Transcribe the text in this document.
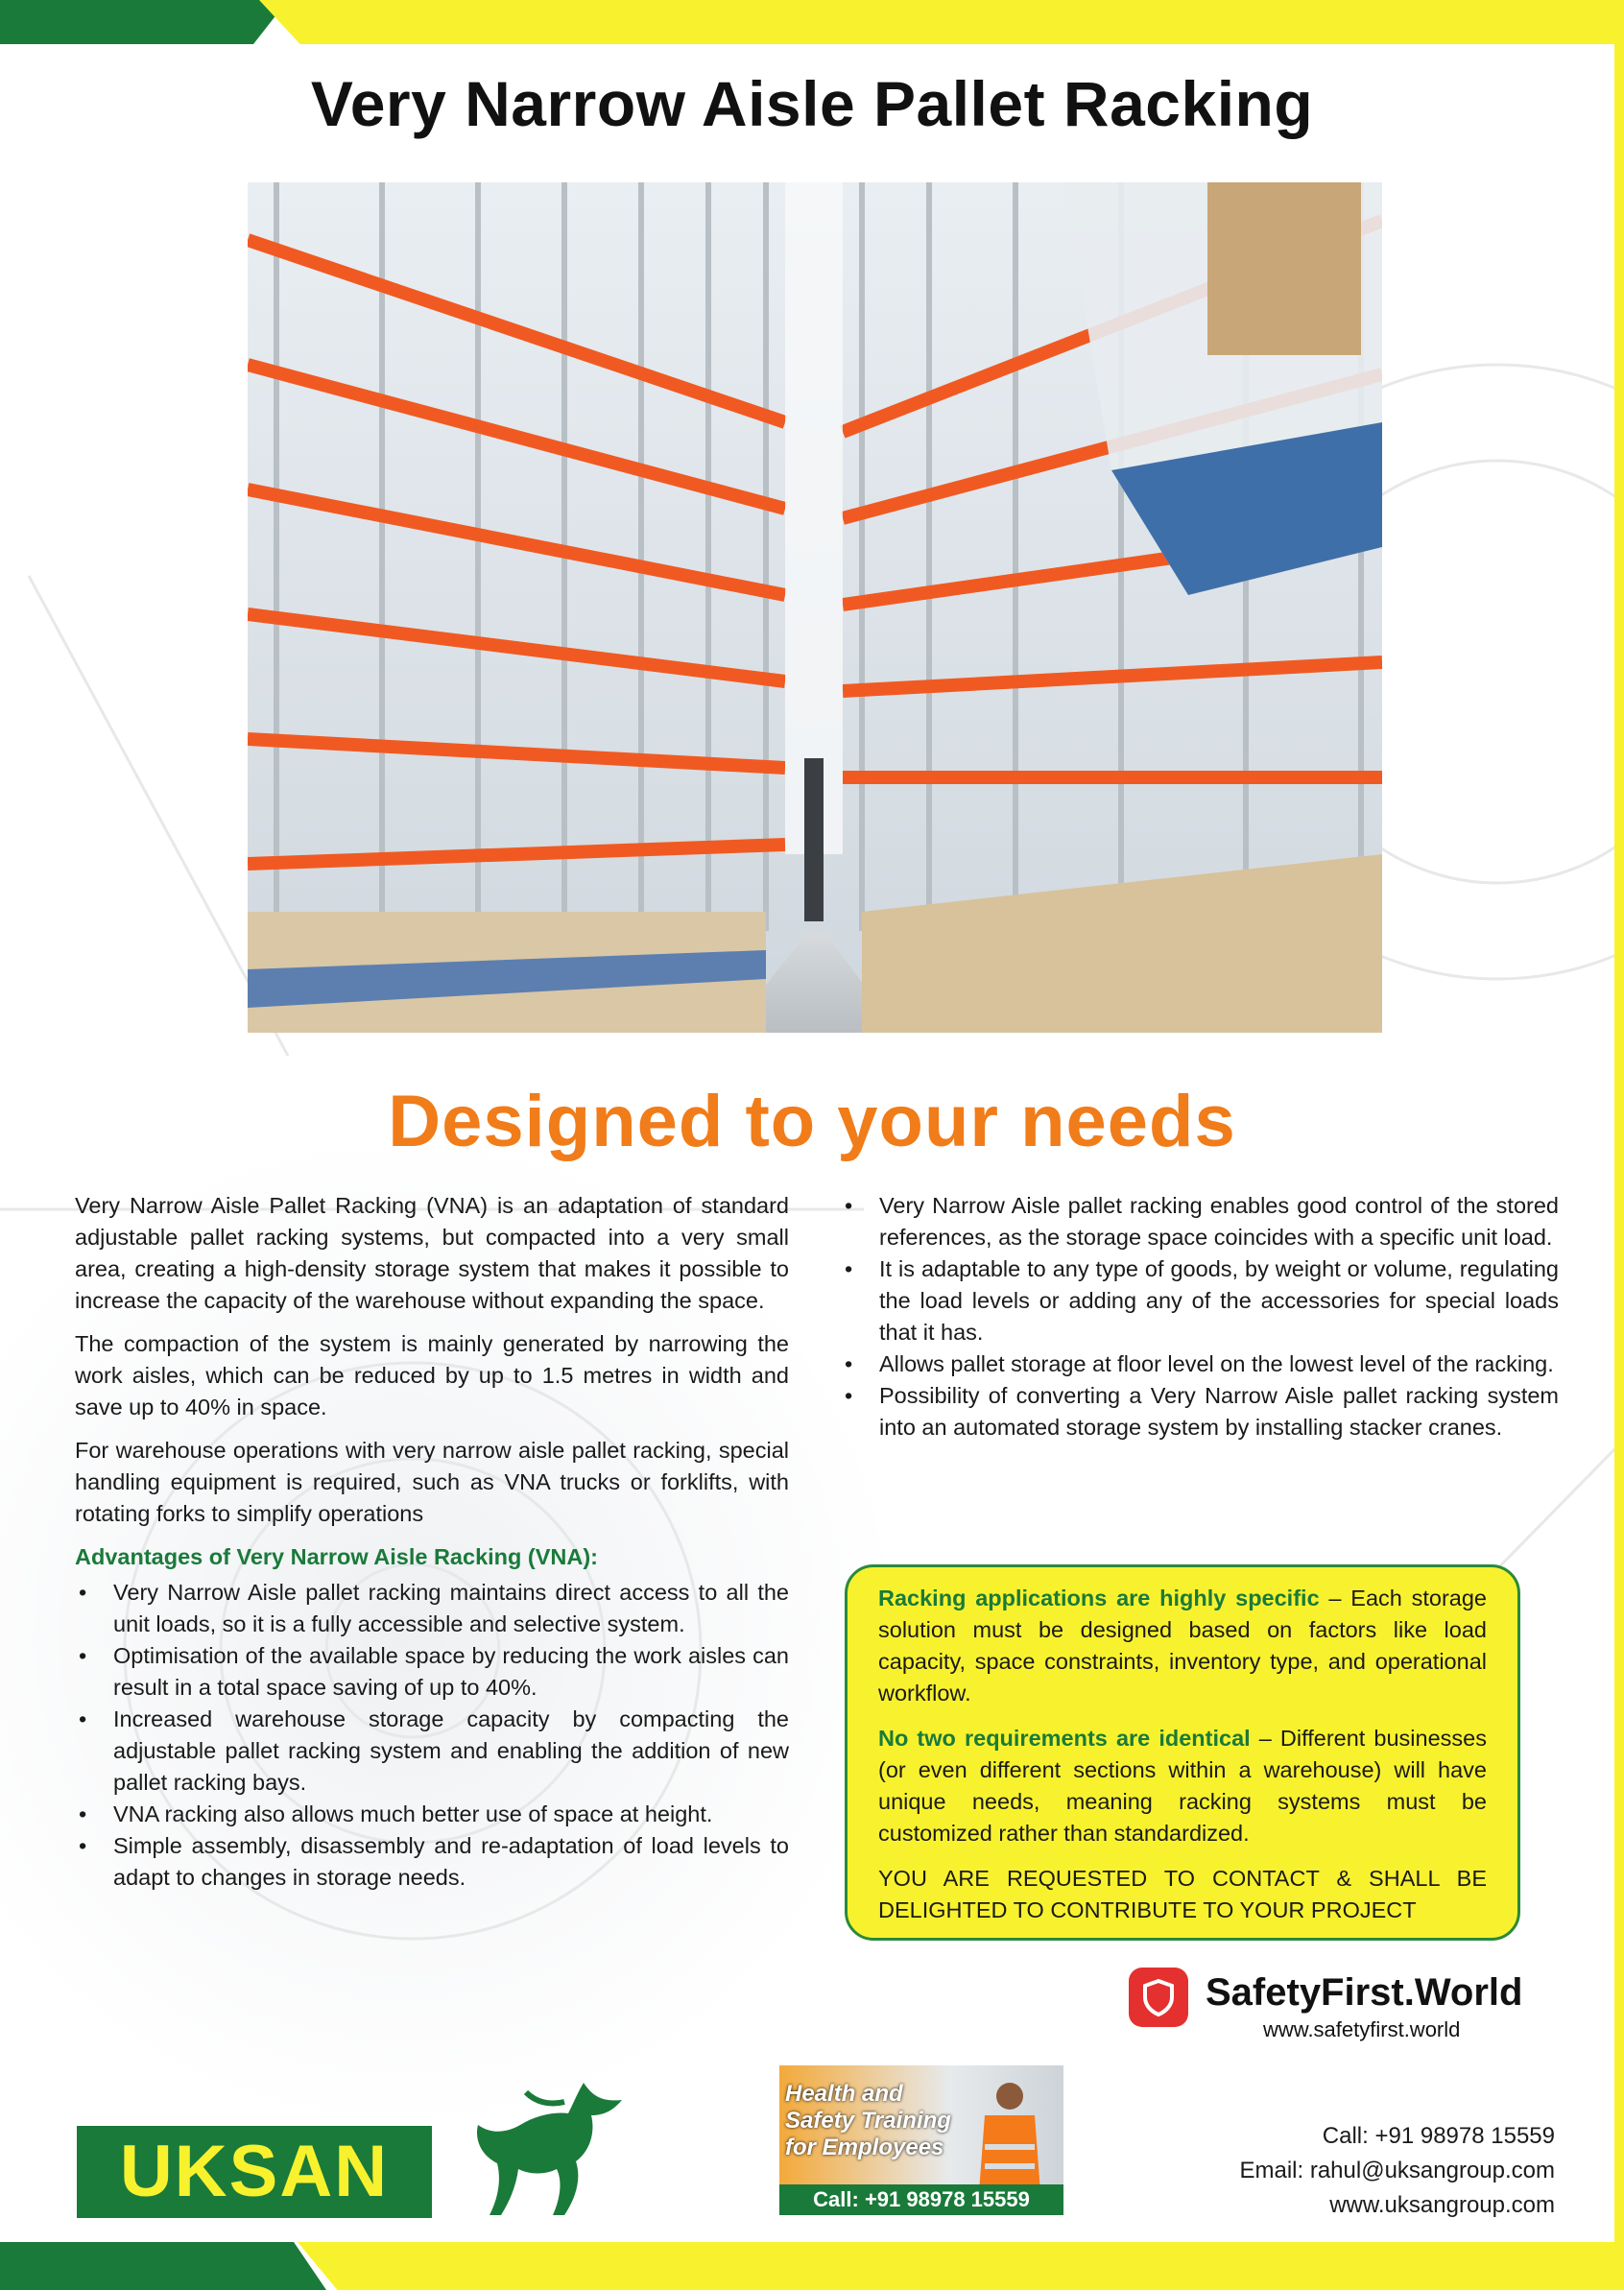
Very Narrow Aisle Pallet Racking
Designed to your needs

Very Narrow Aisle Pallet Racking (VNA) is an adaptation of standard adjustable pallet racking systems, but compacted into a very small area, creating a high-density storage system that makes it possible to increase the capacity of the warehouse without expanding the space.

The compaction of the system is mainly generated by narrowing the work aisles, which can be reduced by up to 1.5 metres in width and save up to 40% in space.

For warehouse operations with very narrow aisle pallet racking, special handling equipment is required, such as VNA trucks or forklifts, with rotating forks to simplify operations

Advantages of Very Narrow Aisle Racking (VNA):
• Very Narrow Aisle pallet racking maintains direct access to all the unit loads, so it is a fully accessible and selective system.
• Optimisation of the available space by reducing the work aisles can result in a total space saving of up to 40%.
• Increased warehouse storage capacity by compacting the adjustable pallet racking system and enabling the addition of new pallet racking bays.
• VNA racking also allows much better use of space at height.
• Simple assembly, disassembly and re-adaptation of load levels to adapt to changes in storage needs.
• Very Narrow Aisle pallet racking enables good control of the stored references, as the storage space coincides with a specific unit load.
• It is adaptable to any type of goods, by weight or volume, regulating the load levels or adding any of the accessories for special loads that it has.
• Allows pallet storage at floor level on the lowest level of the racking.
• Possibility of converting a Very Narrow Aisle pallet racking system into an automated storage system by installing stacker cranes.

Racking applications are highly specific – Each storage solution must be designed based on factors like load capacity, space constraints, inventory type, and operational workflow.

No two requirements are identical – Different businesses (or even different sections within a warehouse) will have unique needs, meaning racking systems must be customized rather than standardized.

YOU ARE REQUESTED TO CONTACT & SHALL BE DELIGHTED TO CONTRIBUTE TO YOUR PROJECT

SafetyFirst.World
www.safetyfirst.world
UKSAN
Health and
Safety Training
for Employees
Call: +91 98978 15559
Call: +91 98978 15559
Email: rahul@uksangroup.com
www.uksangroup.com
